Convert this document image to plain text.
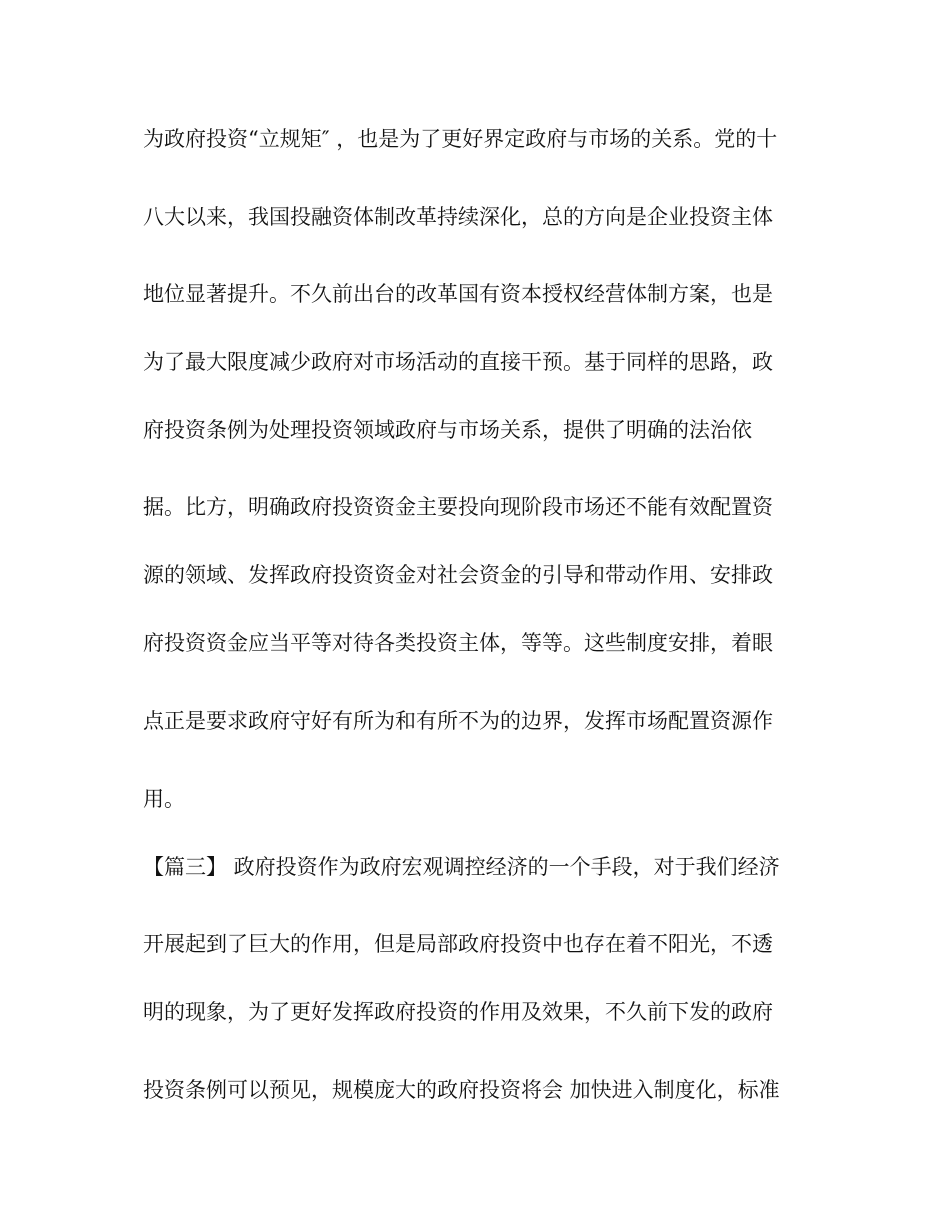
为政府投资“立规矩″ ，也是为了更好界定政府与市场的关系。党的十
八大以来，我国投融资体制改革持续深化，总的方向是企业投资主体
地位显著提升。不久前出台的改革国有资本授权经营体制方案，也是
为了最大限度减少政府对市场活动的直接干预。基于同样的思路，政
府投资条例为处理投资领域政府与市场关系，提供了明确的法治依
据。比方，明确政府投资资金主要投向现阶段市场还不能有效配置资
源的领域、发挥政府投资资金对社会资金的引导和带动作用、安排政
府投资资金应当平等对待各类投资主体，等等。这些制度安排，着眼
点正是要求政府守好有所为和有所不为的边界，发挥市场配置资源作
用。
【篇三】 政府投资作为政府宏观调控经济的一个手段，对于我们经济
开展起到了巨大的作用，但是局部政府投资中也存在着不阳光，不透
明的现象，为了更好发挥政府投资的作用及效果，不久前下发的政府
投资条例可以预见，规模庞大的政府投资将会 加快进入制度化，标准
